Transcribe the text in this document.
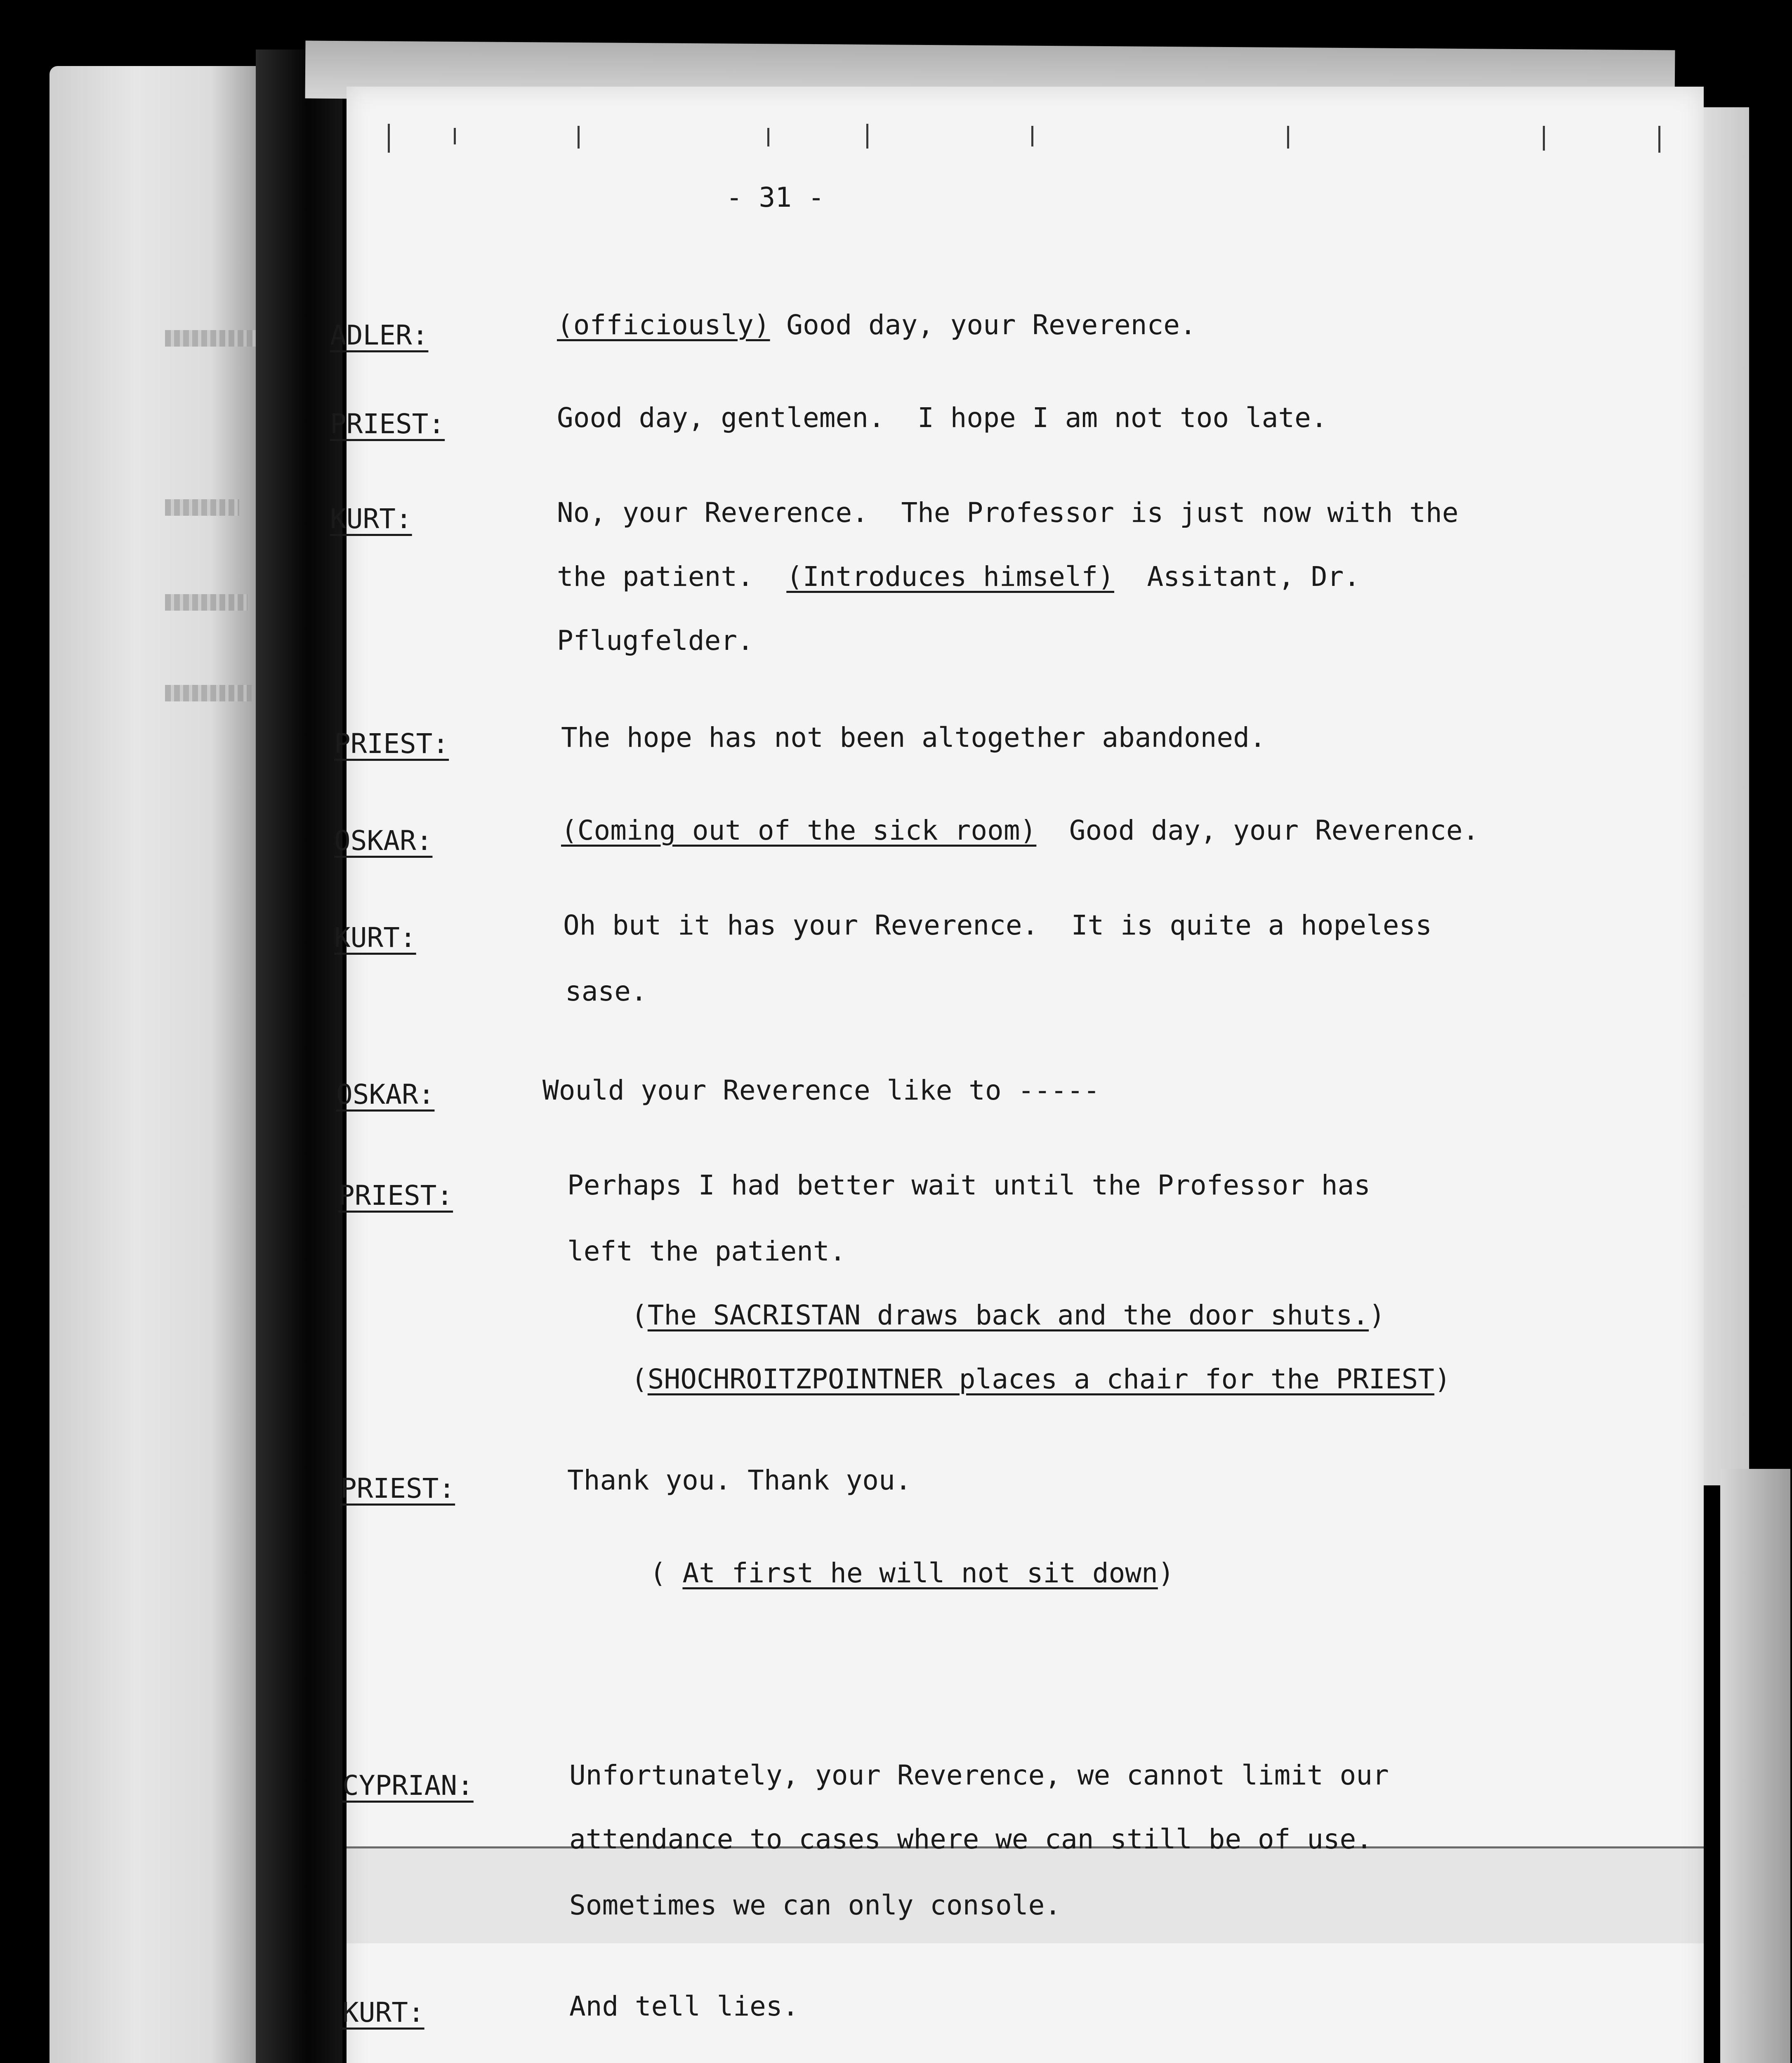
- 31 -
ADLER:	(officiously) Good day, your Reverence.
PRIEST:	Good day, gentlemen.  I hope I am not too late.
KURT:	No, your Reverence.  The Professor is just now with the
the patient.  (Introduces himself)  Assitant, Dr.
Pflugfelder.
PRIEST:	The hope has not been altogether abandoned.
OSKAR:	(Coming out of the sick room)  Good day, your Reverence.
KURT:	Oh but it has your Reverence.  It is quite a hopeless
sase.
OSKAR:	Would your Reverence like to -----
PRIEST:	Perhaps I had better wait until the Professor has
left the patient.
(The SACRISTAN draws back and the door shuts.)
(SHOCHROITZPOINTNER places a chair for the PRIEST)
PRIEST:	Thank you. Thank you.
( At first he will not sit down)
CYPRIAN:	Unfortunately, your Reverence, we cannot limit our
attendance to cases where we can still be of use.
Sometimes we can only console.
KURT:	And tell lies.
